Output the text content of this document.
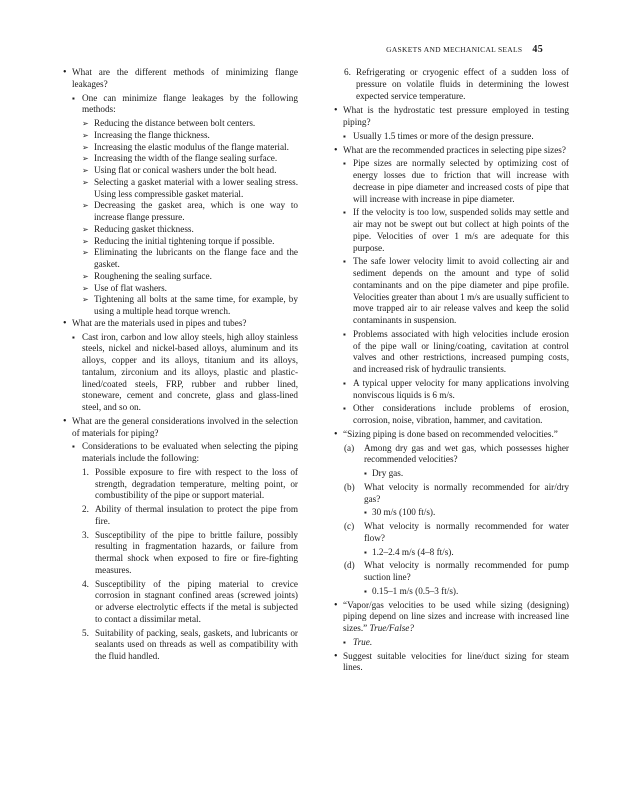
GASKETS AND MECHANICAL SEALS 45
• What are the different methods of minimizing flange leakages?
▪ One can minimize flange leakages by the following methods:
➢ Reducing the distance between bolt centers.
➢ Increasing the flange thickness.
➢ Increasing the elastic modulus of the flange material.
➢ Increasing the width of the flange sealing surface.
➢ Using flat or conical washers under the bolt head.
➢ Selecting a gasket material with a lower sealing stress. Using less compressible gasket material.
➢ Decreasing the gasket area, which is one way to increase flange pressure.
➢ Reducing gasket thickness.
➢ Reducing the initial tightening torque if possible.
➢ Eliminating the lubricants on the flange face and the gasket.
➢ Roughening the sealing surface.
➢ Use of flat washers.
➢ Tightening all bolts at the same time, for example, by using a multiple head torque wrench.
• What are the materials used in pipes and tubes?
▪ Cast iron, carbon and low alloy steels, high alloy stainless steels, nickel and nickel-based alloys, aluminum and its alloys, copper and its alloys, titanium and its alloys, tantalum, zirconium and its alloys, plastic and plastic-lined/coated steels, FRP, rubber and rubber lined, stoneware, cement and concrete, glass and glass-lined steel, and so on.
• What are the general considerations involved in the selection of materials for piping?
▪ Considerations to be evaluated when selecting the piping materials include the following:
1. Possible exposure to fire with respect to the loss of strength, degradation temperature, melting point, or combustibility of the pipe or support material.
2. Ability of thermal insulation to protect the pipe from fire.
3. Susceptibility of the pipe to brittle failure, possibly resulting in fragmentation hazards, or failure from thermal shock when exposed to fire or fire-fighting measures.
4. Susceptibility of the piping material to crevice corrosion in stagnant confined areas (screwed joints) or adverse electrolytic effects if the metal is subjected to contact a dissimilar metal.
5. Suitability of packing, seals, gaskets, and lubricants or sealants used on threads as well as compatibility with the fluid handled.
6. Refrigerating or cryogenic effect of a sudden loss of pressure on volatile fluids in determining the lowest expected service temperature.
• What is the hydrostatic test pressure employed in testing piping?
▪ Usually 1.5 times or more of the design pressure.
• What are the recommended practices in selecting pipe sizes?
▪ Pipe sizes are normally selected by optimizing cost of energy losses due to friction that will increase with decrease in pipe diameter and increased costs of pipe that will increase with increase in pipe diameter.
▪ If the velocity is too low, suspended solids may settle and air may not be swept out but collect at high points of the pipe. Velocities of over 1 m/s are adequate for this purpose.
▪ The safe lower velocity limit to avoid collecting air and sediment depends on the amount and type of solid contaminants and on the pipe diameter and pipe profile. Velocities greater than about 1 m/s are usually sufficient to move trapped air to air release valves and keep the solid contaminants in suspension.
▪ Problems associated with high velocities include erosion of the pipe wall or lining/coating, cavitation at control valves and other restrictions, increased pumping costs, and increased risk of hydraulic transients.
▪ A typical upper velocity for many applications involving nonviscous liquids is 6 m/s.
▪ Other considerations include problems of erosion, corrosion, noise, vibration, hammer, and cavitation.
• “Sizing piping is done based on recommended velocities.”
(a) Among dry gas and wet gas, which possesses higher recommended velocities?
▪ Dry gas.
(b) What velocity is normally recommended for air/dry gas?
▪ 30 m/s (100 ft/s).
(c) What velocity is normally recommended for water flow?
▪ 1.2–2.4 m/s (4–8 ft/s).
(d) What velocity is normally recommended for pump suction line?
▪ 0.15–1 m/s (0.5–3 ft/s).
• “Vapor/gas velocities to be used while sizing (designing) piping depend on line sizes and increase with increased line sizes.” True/False?
▪ True.
• Suggest suitable velocities for line/duct sizing for steam lines.
